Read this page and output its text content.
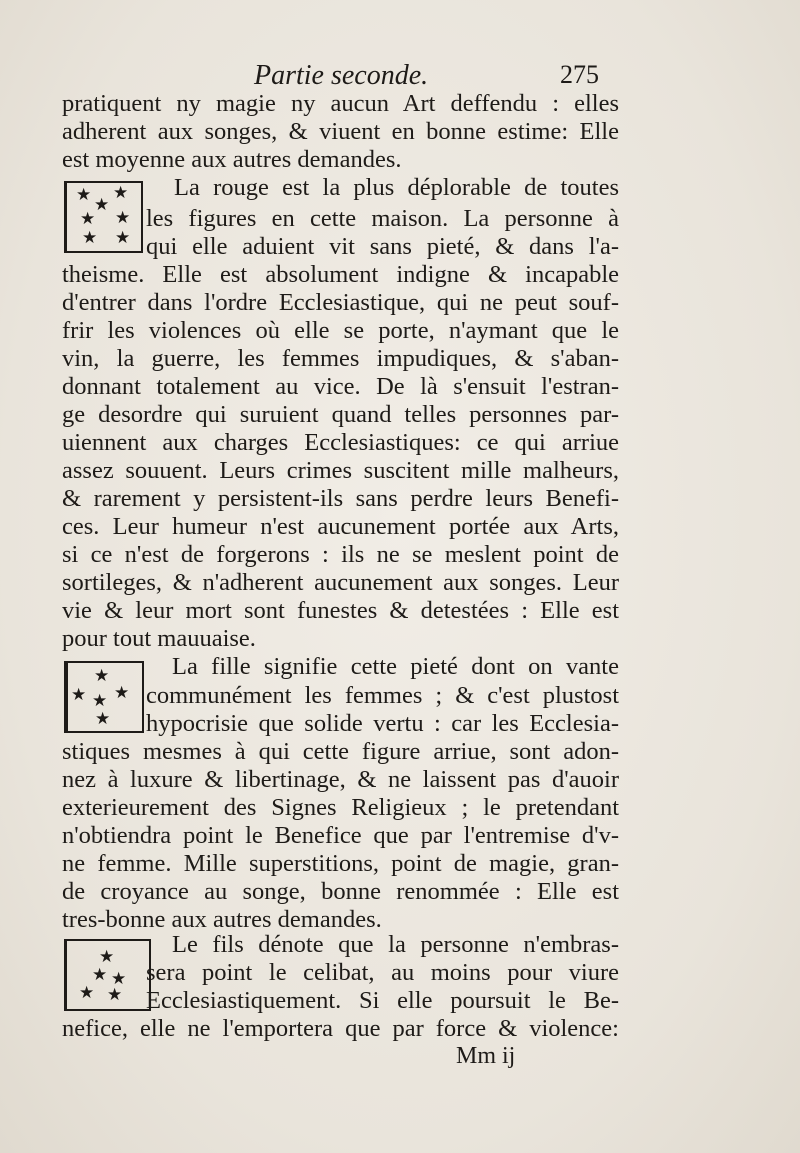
Partie seconde.	275
pratiquent ny magie ny aucun Art deffendu : elles
adherent aux songes, & viuent en bonne estime: Elle
est moyenne aux autres demandes.
★ ★
★
★ ★
★ ★
La rouge est la plus déplorable de toutes
les figures en cette maison. La personne à
qui elle aduient vit sans pieté, & dans l'a-
theisme. Elle est absolument indigne & incapable
d'entrer dans l'ordre Ecclesiastique, qui ne peut souf-
frir les violences où elle se porte, n'aymant que le
vin, la guerre, les femmes impudiques, & s'aban-
donnant totalement au vice. De là s'ensuit l'estran-
ge desordre qui suruient quand telles personnes par-
uiennent aux charges Ecclesiastiques: ce qui arriue
assez souuent. Leurs crimes suscitent mille malheurs,
& rarement y persistent-ils sans perdre leurs Benefi-
ces. Leur humeur n'est aucunement portée aux Arts,
si ce n'est de forgerons : ils ne se meslent point de
sortileges, & n'adherent aucunement aux songes. Leur
vie & leur mort sont funestes & detestées : Elle est
pour tout mauuaise.
★
★ ★ ★
★
La fille signifie cette pieté dont on vante
communément les femmes ; & c'est plustost
hypocrisie que solide vertu : car les Ecclesia-
stiques mesmes à qui cette figure arriue, sont adon-
nez à luxure & libertinage, & ne laissent pas d'auoir
exterieurement des Signes Religieux ; le pretendant
n'obtiendra point le Benefice que par l'entremise d'v-
ne femme. Mille superstitions, point de magie, gran-
de croyance au songe, bonne renommée : Elle est
tres-bonne aux autres demandes.
★
★ ★
★ ★
Le fils dénote que la personne n'embras-
sera point le celibat, au moins pour viure
Ecclesiastiquement. Si elle poursuit le Be-
nefice, elle ne l'emportera que par force & violence:
Mm ij
